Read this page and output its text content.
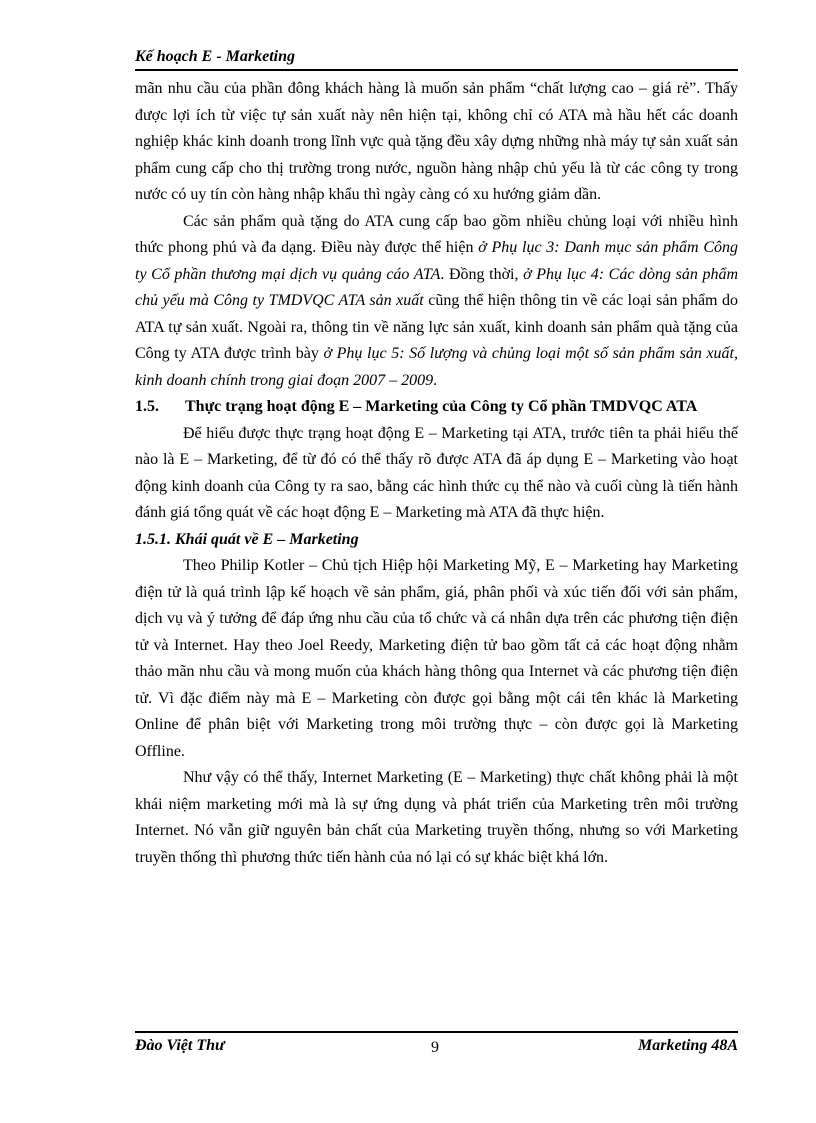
Kế hoạch E - Marketing

mãn nhu cầu của phần đông khách hàng là muốn sản phẩm “chất lượng cao – giá rẻ”. Thấy được lợi ích từ việc tự sản xuất này nên hiện tại, không chỉ có ATA mà hầu hết các doanh nghiệp khác kinh doanh trong lĩnh vực quà tặng đều xây dựng những nhà máy tự sản xuất sản phẩm cung cấp cho thị trường trong nước, nguồn hàng nhập chủ yếu là từ các công ty trong nước có uy tín còn hàng nhập khẩu thì ngày càng có xu hướng giảm dần.

Các sản phẩm quà tặng do ATA cung cấp bao gồm nhiều chủng loại với nhiều hình thức phong phú và đa dạng. Điều này được thể hiện ở Phụ lục 3: Danh mục sản phẩm Công ty Cổ phần thương mại dịch vụ quảng cáo ATA. Đồng thời, ở Phụ lục 4: Các dòng sản phẩm chủ yếu mà Công ty TMDVQC ATA sản xuất cũng thể hiện thông tin về các loại sản phẩm do ATA tự sản xuất. Ngoài ra, thông tin về năng lực sản xuất, kinh doanh sản phẩm quà tặng của Công ty ATA được trình bày ở Phụ lục 5: Số lượng và chủng loại một số sản phẩm sản xuất, kinh doanh chính trong giai đoạn 2007 – 2009.

1.5.	Thực trạng hoạt động E – Marketing của Công ty Cổ phần TMDVQC ATA

Để hiểu được thực trạng hoạt động E – Marketing tại ATA, trước tiên ta phải hiểu thế nào là E – Marketing, để từ đó có thể thấy rõ được ATA đã áp dụng E – Marketing vào hoạt động kinh doanh của Công ty ra sao, bằng các hình thức cụ thể nào và cuối cùng là tiến hành đánh giá tổng quát về các hoạt động E – Marketing mà ATA đã thực hiện.

1.5.1. Khái quát về E – Marketing

Theo Philip Kotler – Chủ tịch Hiệp hội Marketing Mỹ, E – Marketing hay Marketing điện tử là quá trình lập kế hoạch về sản phẩm, giá, phân phối và xúc tiến đối với sản phẩm, dịch vụ và ý tưởng để đáp ứng nhu cầu của tổ chức và cá nhân dựa trên các phương tiện điện tử và Internet. Hay theo Joel Reedy, Marketing điện tử bao gồm tất cả các hoạt động nhằm thảo mãn nhu cầu và mong muốn của khách hàng thông qua Internet và các phương tiện điện tử. Vì đặc điểm này mà E – Marketing còn được gọi bằng một cái tên khác là Marketing Online để phân biệt với Marketing trong môi trường thực – còn được gọi là Marketing Offline.

Như vậy có thể thấy, Internet Marketing (E – Marketing) thực chất không phải là một khái niệm marketing mới mà là sự ứng dụng và phát triển của Marketing trên môi trường Internet. Nó vẫn giữ nguyên bản chất của Marketing truyền thống, nhưng so với Marketing truyền thống thì phương thức tiến hành của nó lại có sự khác biệt khá lớn.

Đào Việt Thư	9	Marketing 48A
